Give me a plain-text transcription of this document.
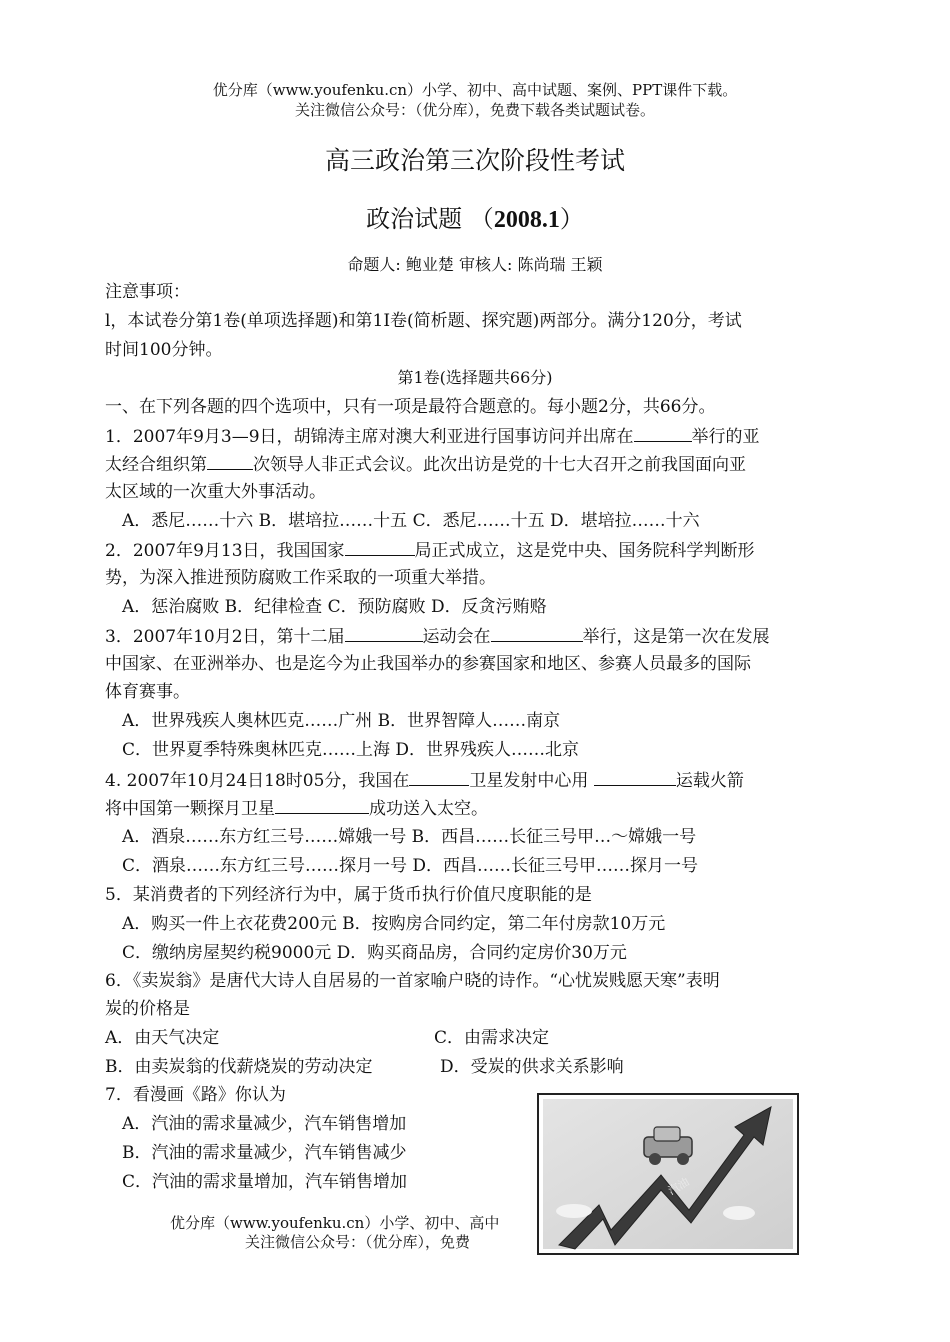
优分库（www.youfenku.cn）小学、初中、高中试题、案例、PPT课件下载。
关注微信公众号：（优分库），免费下载各类试题试卷。
高三政治第三次阶段性考试
政治试题 （2008.1）
命题人: 鲍业楚 审核人: 陈尚瑞 王颖
注意事项：
l，本试卷分第1卷(单项选择题)和第1I卷(简析题、探究题)两部分。满分120分，考试
时间100分钟。
第1卷(选择题共66分)
一、在下列各题的四个选项中，只有一项是最符合题意的。每小题2分，共66分。
1．2007年9月3—9日，胡锦涛主席对澳大利亚进行国事访问并出席在	举行的亚
太经合组织第	次领导人非正式会议。此次出访是党的十七大召开之前我国面向亚
太区域的一次重大外事活动。
A．悉尼……十六 B．堪培拉……十五 C．悉尼……十五 D．堪培拉……十六
2．2007年9月13日，我国国家	局正式成立，这是党中央、国务院科学判断形
势，为深入推进预防腐败工作采取的一项重大举措。
A．惩治腐败 B．纪律检查 C．预防腐败 D．反贪污贿赂
3．2007年10月2日，第十二届	运动会在	举行，这是第一次在发展
中国家、在亚洲举办、也是迄今为止我国举办的参赛国家和地区、参赛人员最多的国际
体育赛事。
A．世界残疾人奥林匹克……广州 B．世界智障人……南京
C．世界夏季特殊奥林匹克……上海 D．世界残疾人……北京
4. 2007年10月24日18时05分，我国在	卫星发射中心用	运载火箭
将中国第一颗探月卫星	成功送入太空。
A．酒泉……东方红三号……嫦娥一号 B．西昌……长征三号甲…～嫦娥一号
C．酒泉……东方红三号……探月一号 D．西昌……长征三号甲……探月一号
5．某消费者的下列经济行为中，属于货币执行价值尺度职能的是
A．购买一件上衣花费200元 B．按购房合同约定，第二年付房款10万元
C．缴纳房屋契约税9000元 D．购买商品房，合同约定房价30万元
6．《卖炭翁》是唐代大诗人自居易的一首家喻户晓的诗作。“心忧炭贱愿天寒”表明
炭的价格是
A．由天气决定	C．由需求决定
B．由卖炭翁的伐薪烧炭的劳动决定	D．受炭的供求关系影响
7．看漫画《路》你认为
A．汽油的需求量减少，汽车销售增加
B．汽油的需求量减少，汽车销售减少
C．汽油的需求量增加，汽车销售增加
优分库（www.youfenku.cn）小学、初中、高中
关注微信公众号：（优分库），免费
汽油
